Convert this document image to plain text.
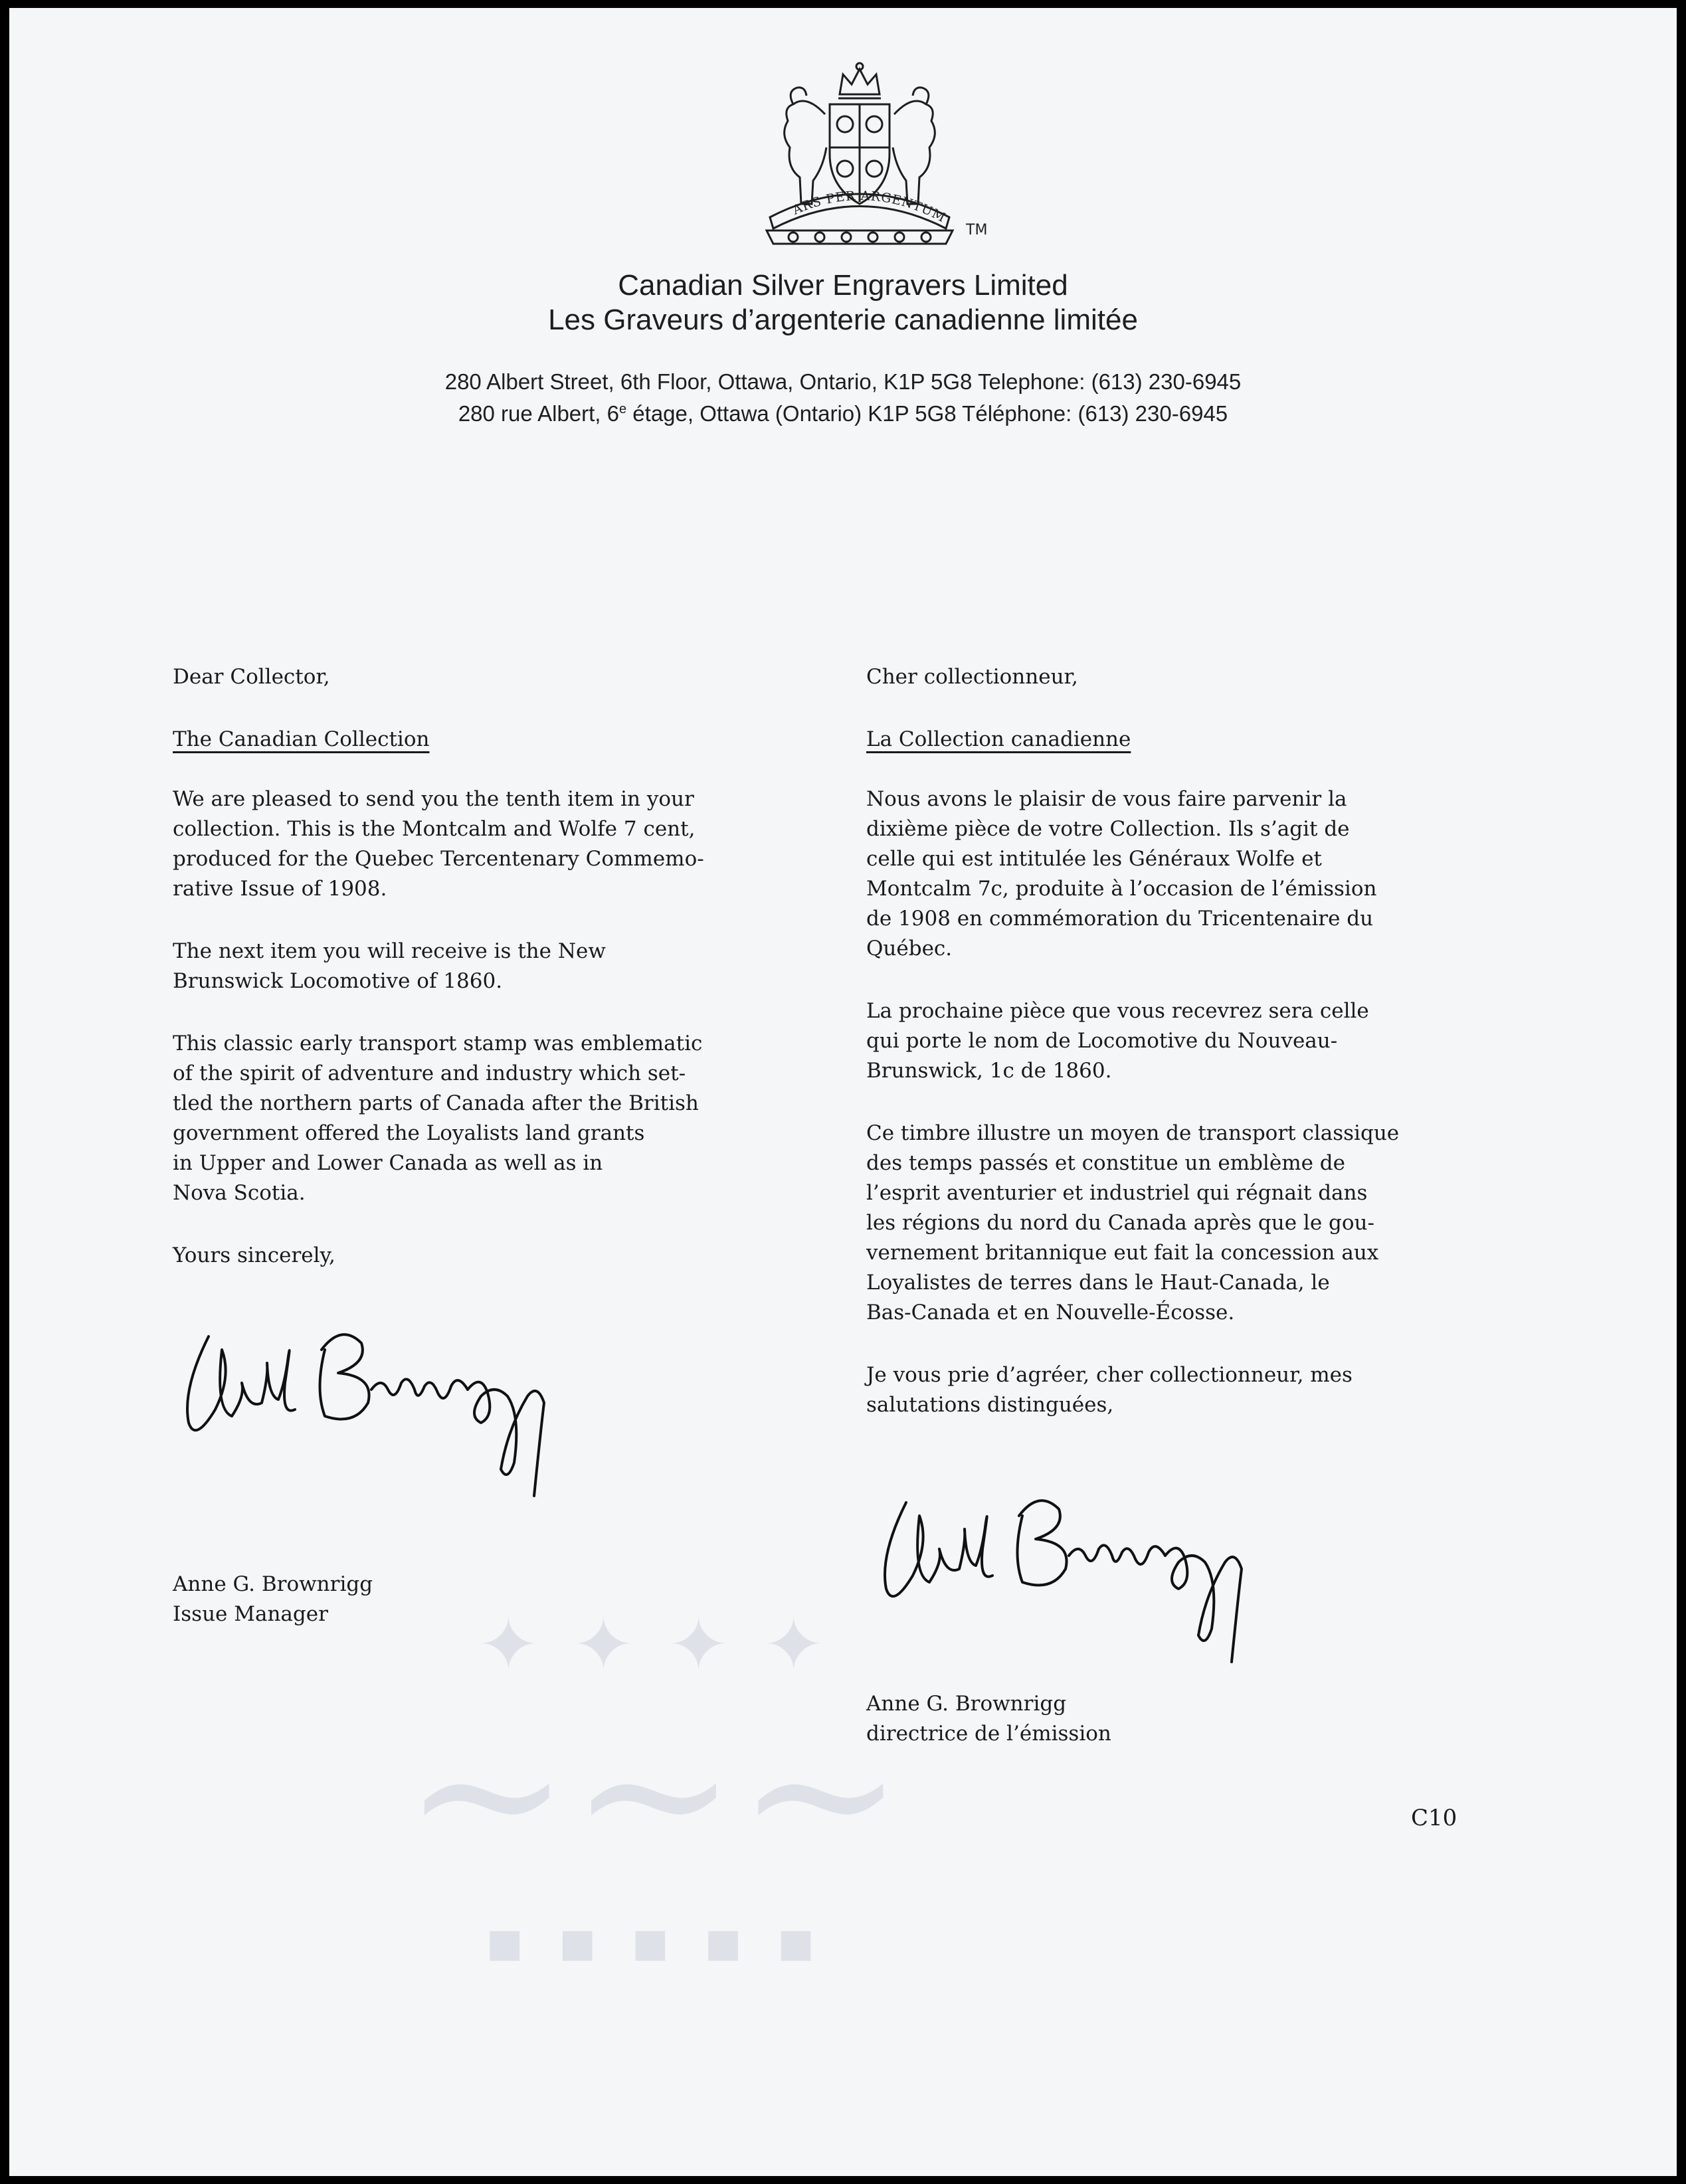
✦ ✦ ✦ ✦
~~~
▪ ▪ ▪ ▪ ▪
ARS PER ARGENTUM
TM
Canadian Silver Engravers Limited
Les Graveurs d’argenterie canadienne limitée
280 Albert Street, 6th Floor, Ottawa, Ontario, K1P 5G8 Telephone: (613) 230-6945
280 rue Albert, 6e étage, Ottawa (Ontario) K1P 5G8 Téléphone: (613) 230-6945

Dear Collector,

The Canadian Collection

We are pleased to send you the tenth item in your

collection. This is the Montcalm and Wolfe 7 cent,

produced for the Quebec Tercentenary Commemo-

rative Issue of 1908.

The next item you will receive is the New

Brunswick Locomotive of 1860.

This classic early transport stamp was emblematic

of the spirit of adventure and industry which set-

tled the northern parts of Canada after the British

government offered the Loyalists land grants

in Upper and Lower Canada as well as in

Nova Scotia.

Yours sincerely,

Anne G. Brownrigg

Issue Manager

Cher collectionneur,

La Collection canadienne

Nous avons le plaisir de vous faire parvenir la

dixième pièce de votre Collection. Ils s’agit de

celle qui est intitulée les Généraux Wolfe et

Montcalm 7c, produite à l’occasion de l’émission

de 1908 en commémoration du Tricentenaire du

Québec.

La prochaine pièce que vous recevrez sera celle

qui porte le nom de Locomotive du Nouveau-

Brunswick, 1c de 1860.

Ce timbre illustre un moyen de transport classique

des temps passés et constitue un emblème de

l’esprit aventurier et industriel qui régnait dans

les régions du nord du Canada après que le gou-

vernement britannique eut fait la concession aux

Loyalistes de terres dans le Haut-Canada, le

Bas-Canada et en Nouvelle-Écosse.

Je vous prie d’agréer, cher collectionneur, mes

salutations distinguées,

Anne G. Brownrigg

directrice de l’émission

C10
